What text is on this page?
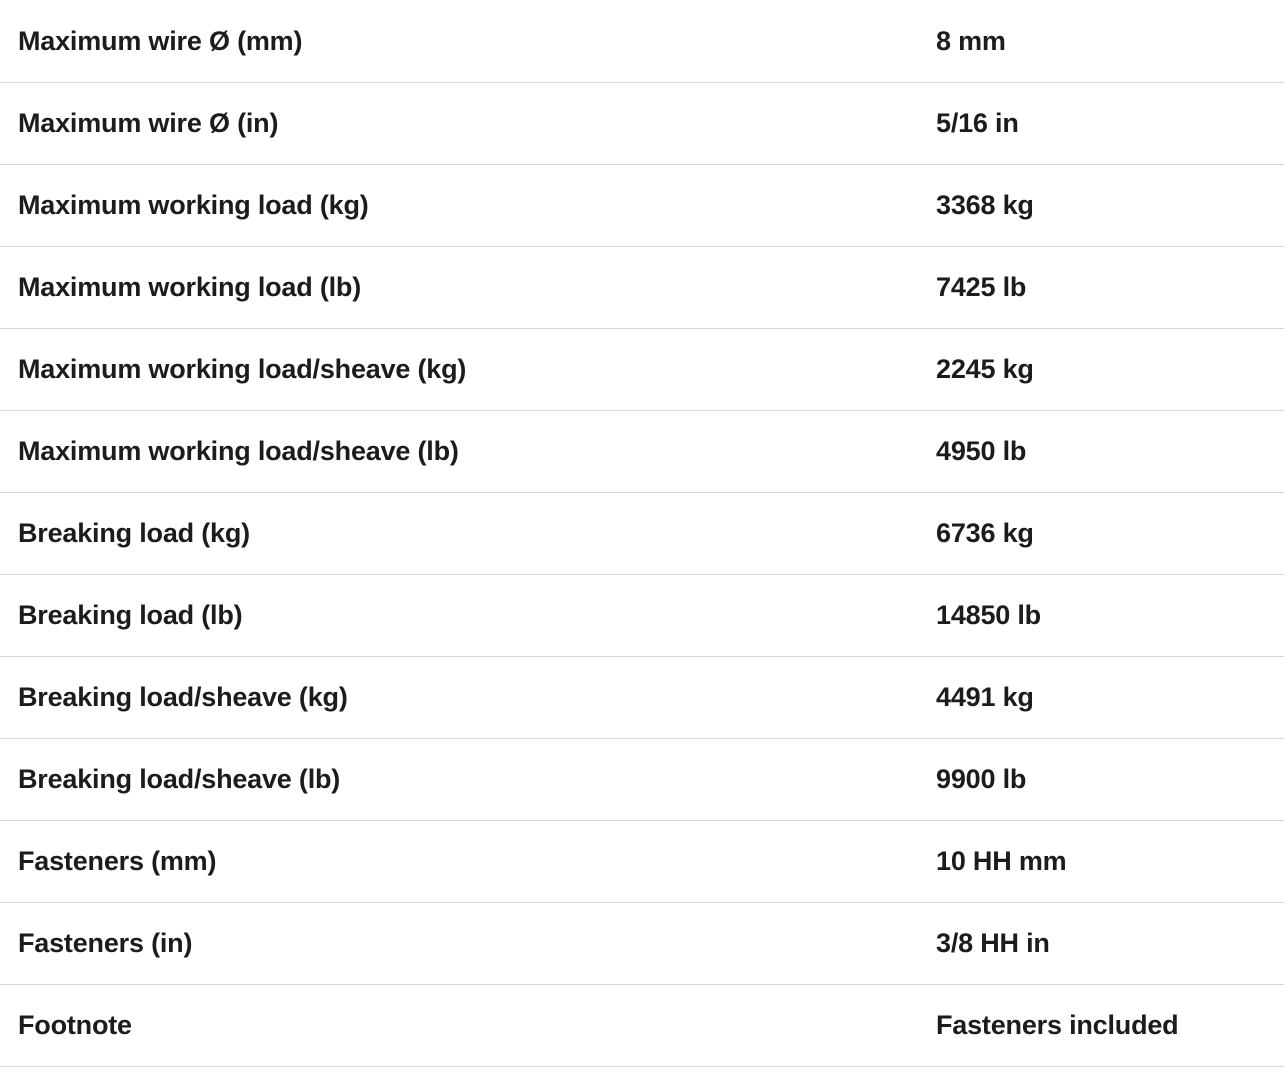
Maximum wire Ø (mm)	8 mm
Maximum wire Ø (in)	5/16 in
Maximum working load (kg)	3368 kg
Maximum working load (lb)	7425 lb
Maximum working load/sheave (kg)	2245 kg
Maximum working load/sheave (lb)	4950 lb
Breaking load (kg)	6736 kg
Breaking load (lb)	14850 lb
Breaking load/sheave (kg)	4491 kg
Breaking load/sheave (lb)	9900 lb
Fasteners (mm)	10 HH mm
Fasteners (in)	3/8 HH in
Footnote	Fasteners included
